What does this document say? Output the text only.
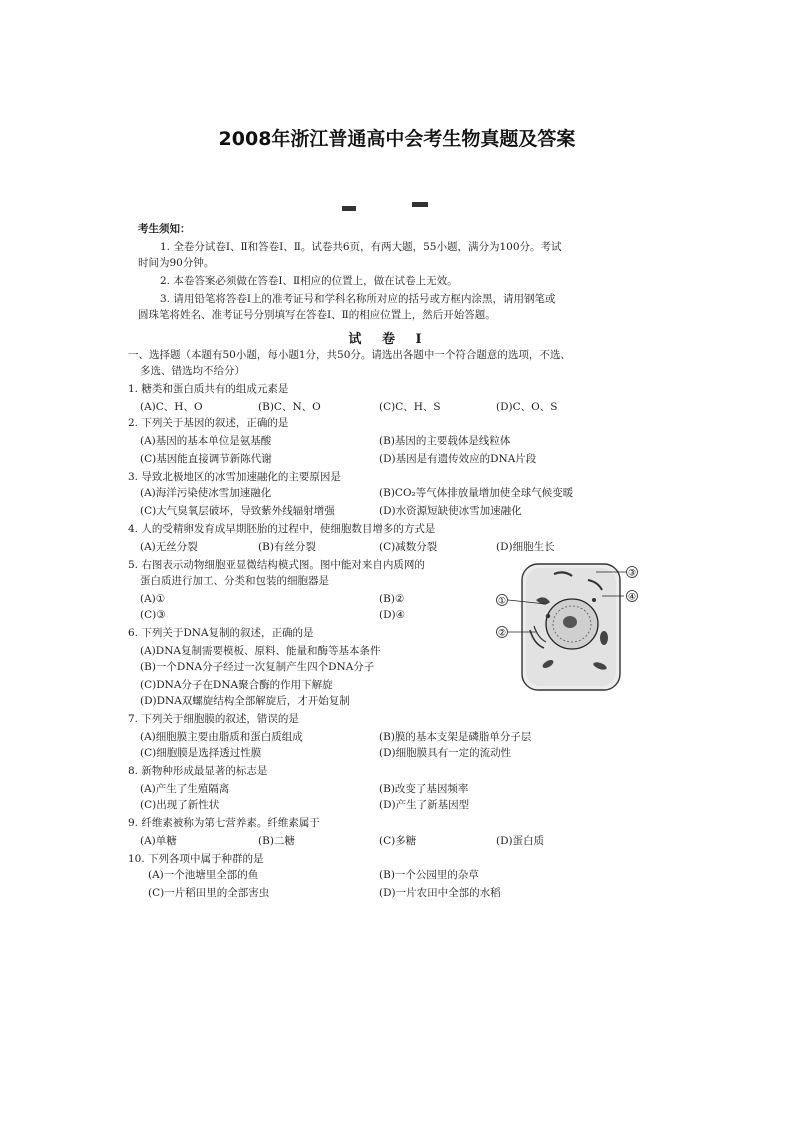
2008年浙江普通高中会考生物真题及答案
考生须知：
1. 全卷分试卷Ⅰ、Ⅱ和答卷Ⅰ、Ⅱ。试卷共6页，有两大题，55小题，满分为100分。考试
时间为90分钟。
2. 本卷答案必须做在答卷Ⅰ、Ⅱ相应的位置上，做在试卷上无效。
3. 请用铅笔将答卷Ⅰ上的准考证号和学科名称所对应的括号或方框内涂黑，请用钢笔或
圆珠笔将姓名、准考证号分别填写在答卷Ⅰ、Ⅱ的相应位置上，然后开始答题。
试 卷 Ⅰ
一、选择题（本题有50小题，每小题1分，共50分。请选出各题中一个符合题意的选项，不选、
多选、错选均不给分）
1. 糖类和蛋白质共有的组成元素是
(A)C、H、O	(B)C、N、O	(C)C、H、S	(D)C、O、S
2. 下列关于基因的叙述，正确的是
(A)基因的基本单位是氨基酸	(B)基因的主要载体是线粒体
(C)基因能直接调节新陈代谢	(D)基因是有遗传效应的DNA片段
3. 导致北极地区的冰雪加速融化的主要原因是
(A)海洋污染使冰雪加速融化	(B)CO₂等气体排放量增加使全球气候变暖
(C)大气臭氧层破坏，导致紫外线辐射增强	(D)水资源短缺使冰雪加速融化
4. 人的受精卵发育成早期胚胎的过程中，使细胞数目增多的方式是
(A)无丝分裂	(B)有丝分裂	(C)减数分裂	(D)细胞生长
5. 右图表示动物细胞亚显微结构模式图。图中能对来自内质网的
蛋白质进行加工、分类和包装的细胞器是
(A)①	(B)②
(C)③	(D)④
6. 下列关于DNA复制的叙述，正确的是
(A)DNA复制需要模板、原料、能量和酶等基本条件
(B)一个DNA分子经过一次复制产生四个DNA分子
(C)DNA分子在DNA聚合酶的作用下解旋
(D)DNA双螺旋结构全部解旋后，才开始复制
7. 下列关于细胞膜的叙述，错误的是
(A)细胞膜主要由脂质和蛋白质组成	(B)膜的基本支架是磷脂单分子层
(C)细胞膜是选择透过性膜	(D)细胞膜具有一定的流动性
8. 新物种形成最显著的标志是
(A)产生了生殖隔离	(B)改变了基因频率
(C)出现了新性状	(D)产生了新基因型
9. 纤维素被称为第七营养素。纤维素属于
(A)单糖	(B)二糖	(C)多糖	(D)蛋白质
10. 下列各项中属于种群的是
(A)一个池塘里全部的鱼	(B)一个公园里的杂草
(C)一片稻田里的全部害虫	(D)一片农田中全部的水稻
①
②
③
④
